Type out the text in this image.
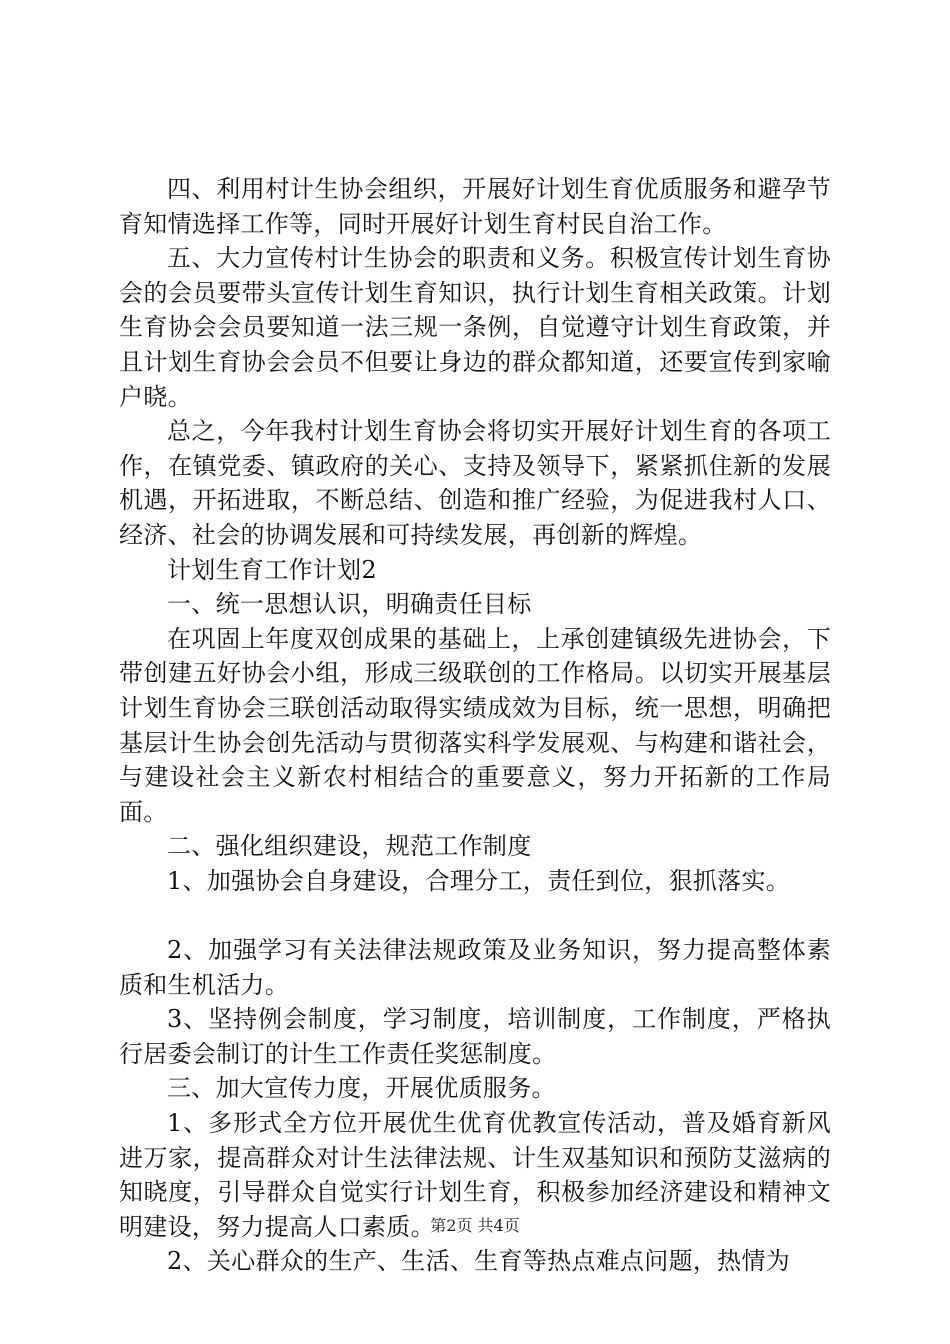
四、利用村计生协会组织，开展好计划生育优质服务和避孕节育知情选择工作等，同时开展好计划生育村民自治工作。

五、大力宣传村计生协会的职责和义务。积极宣传计划生育协会的会员要带头宣传计划生育知识，执行计划生育相关政策。计划生育协会会员要知道一法三规一条例，自觉遵守计划生育政策，并且计划生育协会会员不但要让身边的群众都知道，还要宣传到家喻户晓。

总之，今年我村计划生育协会将切实开展好计划生育的各项工作，在镇党委、镇政府的关心、支持及领导下，紧紧抓住新的发展机遇，开拓进取，不断总结、创造和推广经验，为促进我村人口、经济、社会的协调发展和可持续发展，再创新的辉煌。

计划生育工作计划2

一、统一思想认识，明确责任目标

在巩固上年度双创成果的基础上，上承创建镇级先进协会，下带创建五好协会小组，形成三级联创的工作格局。以切实开展基层计划生育协会三联创活动取得实绩成效为目标，统一思想，明确把基层计生协会创先活动与贯彻落实科学发展观、与构建和谐社会，与建设社会主义新农村相结合的重要意义，努力开拓新的工作局面。

二、强化组织建设，规范工作制度

1、加强协会自身建设，合理分工，责任到位，狠抓落实。

2、加强学习有关法律法规政策及业务知识，努力提高整体素质和生机活力。

3、坚持例会制度，学习制度，培训制度，工作制度，严格执行居委会制订的计生工作责任奖惩制度。

三、加大宣传力度，开展优质服务。

1、多形式全方位开展优生优育优教宣传活动，普及婚育新风进万家，提高群众对计生法律法规、计生双基知识和预防艾滋病的知晓度，引导群众自觉实行计划生育，积极参加经济建设和精神文明建设，努力提高人口素质。

2、关心群众的生产、生活、生育等热点难点问题，热情为

第2页 共4页
